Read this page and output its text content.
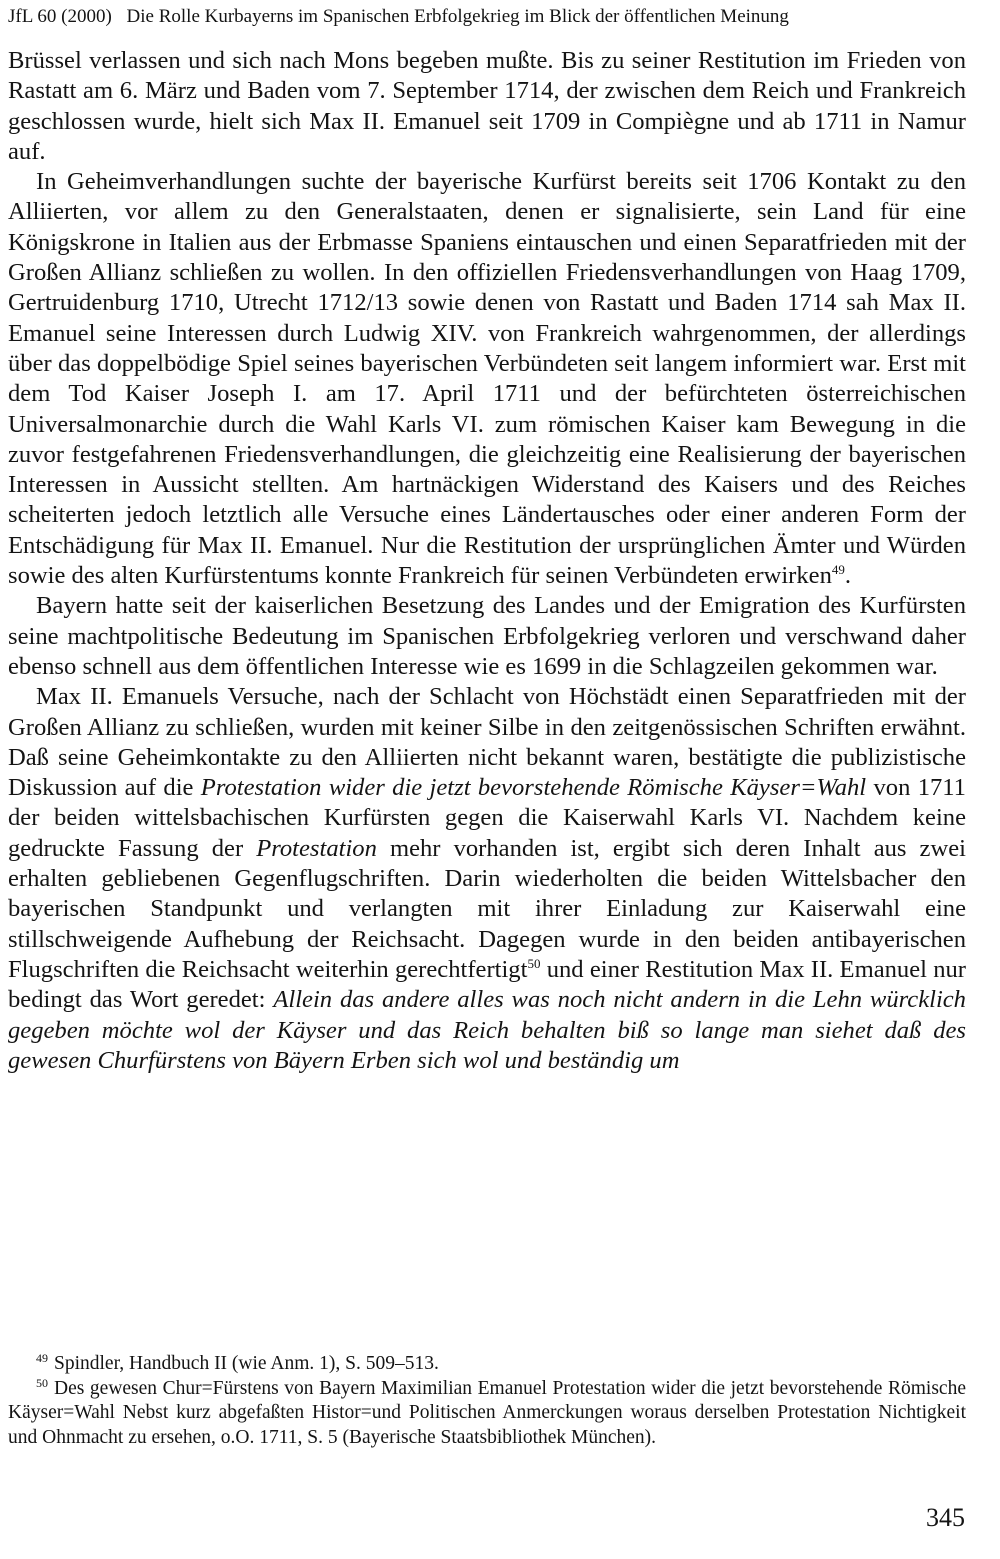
JfL 60 (2000) Die Rolle Kurbayerns im Spanischen Erbfolgekrieg im Blick der öffentlichen Meinung

Brüssel verlassen und sich nach Mons begeben mußte. Bis zu seiner Restitution im Frieden von Rastatt am 6. März und Baden vom 7. September 1714, der zwischen dem Reich und Frankreich geschlossen wurde, hielt sich Max II. Emanuel seit 1709 in Compiègne und ab 1711 in Namur auf.

In Geheimverhandlungen suchte der bayerische Kurfürst bereits seit 1706 Kontakt zu den Alliierten, vor allem zu den Generalstaaten, denen er signalisierte, sein Land für eine Königskrone in Italien aus der Erbmasse Spaniens eintauschen und einen Separatfrieden mit der Großen Allianz schließen zu wollen. In den offiziellen Friedensverhandlungen von Haag 1709, Gertruidenburg 1710, Utrecht 1712/13 sowie denen von Rastatt und Baden 1714 sah Max II. Emanuel seine Interessen durch Ludwig XIV. von Frankreich wahrgenommen, der allerdings über das doppelbödige Spiel seines bayerischen Verbündeten seit langem informiert war. Erst mit dem Tod Kaiser Joseph I. am 17. April 1711 und der befürchteten österreichischen Universalmonarchie durch die Wahl Karls VI. zum römischen Kaiser kam Bewegung in die zuvor festgefahrenen Friedensverhandlungen, die gleichzeitig eine Realisierung der bayerischen Interessen in Aussicht stellten. Am hartnäckigen Widerstand des Kaisers und des Reiches scheiterten jedoch letztlich alle Versuche eines Ländertausches oder einer anderen Form der Entschädigung für Max II. Emanuel. Nur die Restitution der ursprünglichen Ämter und Würden sowie des alten Kurfürstentums konnte Frankreich für seinen Verbündeten erwirken$^{49}$.

Bayern hatte seit der kaiserlichen Besetzung des Landes und der Emigration des Kurfürsten seine machtpolitische Bedeutung im Spanischen Erbfolgekrieg verloren und verschwand daher ebenso schnell aus dem öffentlichen Interesse wie es 1699 in die Schlagzeilen gekommen war.

Max II. Emanuels Versuche, nach der Schlacht von Höchstädt einen Separatfrieden mit der Großen Allianz zu schließen, wurden mit keiner Silbe in den zeitgenössischen Schriften erwähnt. Daß seine Geheimkontakte zu den Alliierten nicht bekannt waren, bestätigte die publizistische Diskussion auf die Protestation wider die jetzt bevorstehende Römische Käyser=Wahl von 1711 der beiden wittelsbachischen Kurfürsten gegen die Kaiserwahl Karls VI. Nachdem keine gedruckte Fassung der Protestation mehr vorhanden ist, ergibt sich deren Inhalt aus zwei erhalten gebliebenen Gegenflugschriften. Darin wiederholten die beiden Wittelsbacher den bayerischen Standpunkt und verlangten mit ihrer Einladung zur Kaiserwahl eine stillschweigende Aufhebung der Reichsacht. Dagegen wurde in den beiden antibayerischen Flugschriften die Reichsacht weiterhin gerechtfertigt$^{50}$ und einer Restitution Max II. Emanuel nur bedingt das Wort geredet: Allein das andere alles was noch nicht andern in die Lehn würcklich gegeben möchte wol der Käyser und das Reich behalten biß so lange man siehet daß des gewesen Churfürstens von Bäyern Erben sich wol und beständig um

$^{49}$ Spindler, Handbuch II (wie Anm. 1), S. 509–513.

$^{50}$ Des gewesen Chur=Fürstens von Bayern Maximilian Emanuel Protestation wider die jetzt bevorstehende Römische Käyser=Wahl Nebst kurz abgefaßten Histor=und Politischen Anmerckungen woraus derselben Protestation Nichtigkeit und Ohnmacht zu ersehen, o.O. 1711, S. 5 (Bayerische Staatsbibliothek München).

345
